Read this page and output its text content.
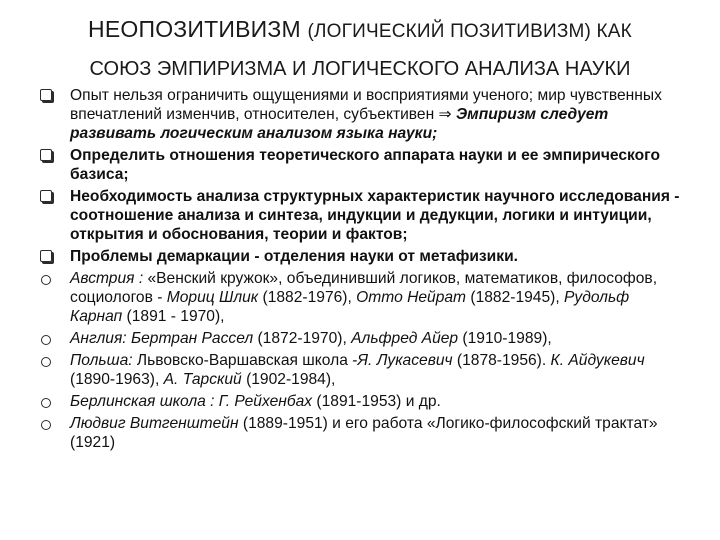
НЕОПОЗИТИВИЗМ (ЛОГИЧЕСКИЙ ПОЗИТИВИЗМ) КАК
СОЮЗ ЭМПИРИЗМА И ЛОГИЧЕСКОГО АНАЛИЗА НАУКИ
Опыт нельзя ограничить ощущениями и восприятиями ученого; мир чувственных впечатлений изменчив, относителен, субъективен ⇒ Эмпиризм следует развивать логическим анализом языка науки;
Определить отношения теоретического аппарата науки и ее эмпирического базиса;
Необходимость анализа структурных характеристик научного исследования - соотношение анализа и синтеза, индукции и дедукции, логики и интуиции, открытия и обоснования, теории и фактов;
Проблемы демаркации - отделения науки от метафизики.
Австрия : «Венский кружок», объединивший логиков, математиков, философов, социологов - Мориц Шлик (1882-1976), Отто Нейрат (1882-1945), Рудольф Карнап (1891 - 1970),
Англия: Бертран Рассел (1872-1970), Альфред Айер (1910-1989),
Польша: Львовско-Варшавская школа -Я. Лукасевич (1878-1956). К. Айдукевич (1890-1963), А. Тарский (1902-1984),
Берлинская школа : Г. Рейхенбах (1891-1953) и др.
Людвиг Витгенштейн (1889-1951) и его работа «Логико-философский трактат» (1921)
